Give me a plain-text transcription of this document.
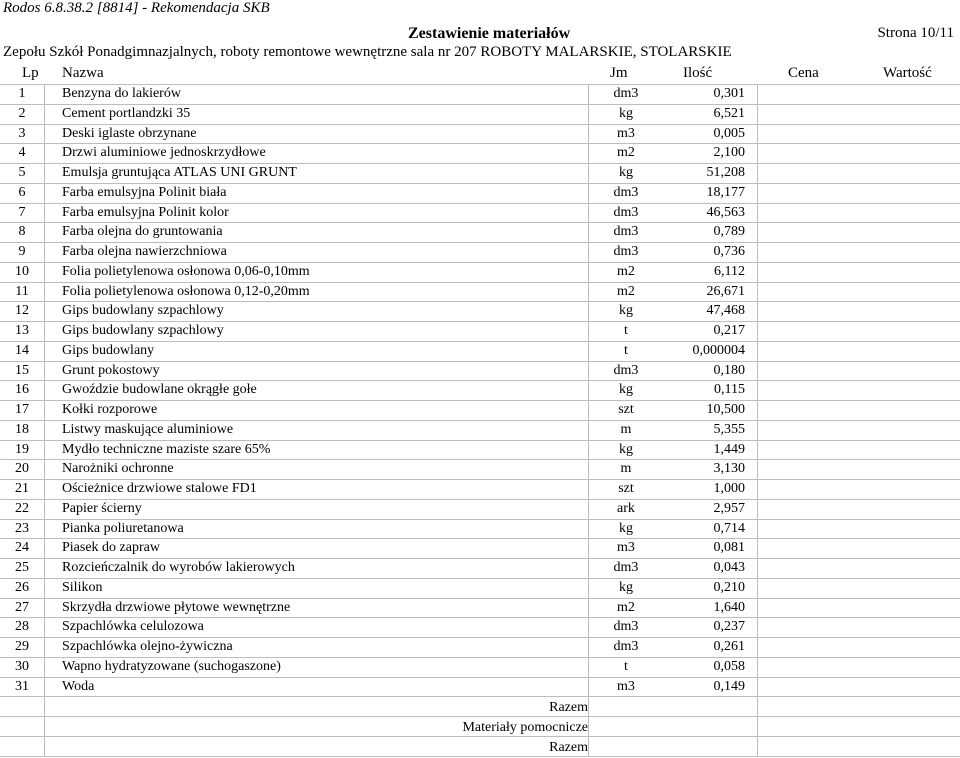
Rodos 6.8.38.2 [8814] - Rekomendacja SKB
Zestawienie materiałów	Strona 10/11
Zepołu Szkół Ponadgimnazjalnych, roboty remontowe wewnętrzne sala nr 207 ROBOTY MALARSKIE, STOLARSKIE
Lp Nazwa	Jm	Ilość	Cena	Wartość
1	Benzyna do lakierów	dm3	0,301
2	Cement portlandzki 35	kg	6,521
3	Deski iglaste obrzynane	m3	0,005
4	Drzwi aluminiowe jednoskrzydłowe	m2	2,100
5	Emulsja gruntująca ATLAS UNI GRUNT	kg	51,208
6	Farba emulsyjna Polinit biała	dm3	18,177
7	Farba emulsyjna Polinit kolor	dm3	46,563
8	Farba olejna do gruntowania	dm3	0,789
9	Farba olejna nawierzchniowa	dm3	0,736
10	Folia polietylenowa osłonowa 0,06-0,10mm	m2	6,112
11	Folia polietylenowa osłonowa 0,12-0,20mm	m2	26,671
12	Gips budowlany szpachlowy	kg	47,468
13	Gips budowlany szpachlowy	t	0,217
14	Gips budowlany	t	0,000004
15	Grunt pokostowy	dm3	0,180
16	Gwoździe budowlane okrągłe gołe	kg	0,115
17	Kołki rozporowe	szt	10,500
18	Listwy maskujące aluminiowe	m	5,355
19	Mydło techniczne maziste szare 65%	kg	1,449
20	Narożniki ochronne	m	3,130
21	Ościeżnice drzwiowe stalowe FD1	szt	1,000
22	Papier ścierny	ark	2,957
23	Pianka poliuretanowa	kg	0,714
24	Piasek do zapraw	m3	0,081
25	Rozcieńczalnik do wyrobów lakierowych	dm3	0,043
26	Silikon	kg	0,210
27	Skrzydła drzwiowe płytowe wewnętrzne	m2	1,640
28	Szpachlówka celulozowa	dm3	0,237
29	Szpachlówka olejno-żywiczna	dm3	0,261
30	Wapno hydratyzowane (suchogaszone)	t	0,058
31	Woda	m3	0,149
Razem
Materiały pomocnicze
Razem
